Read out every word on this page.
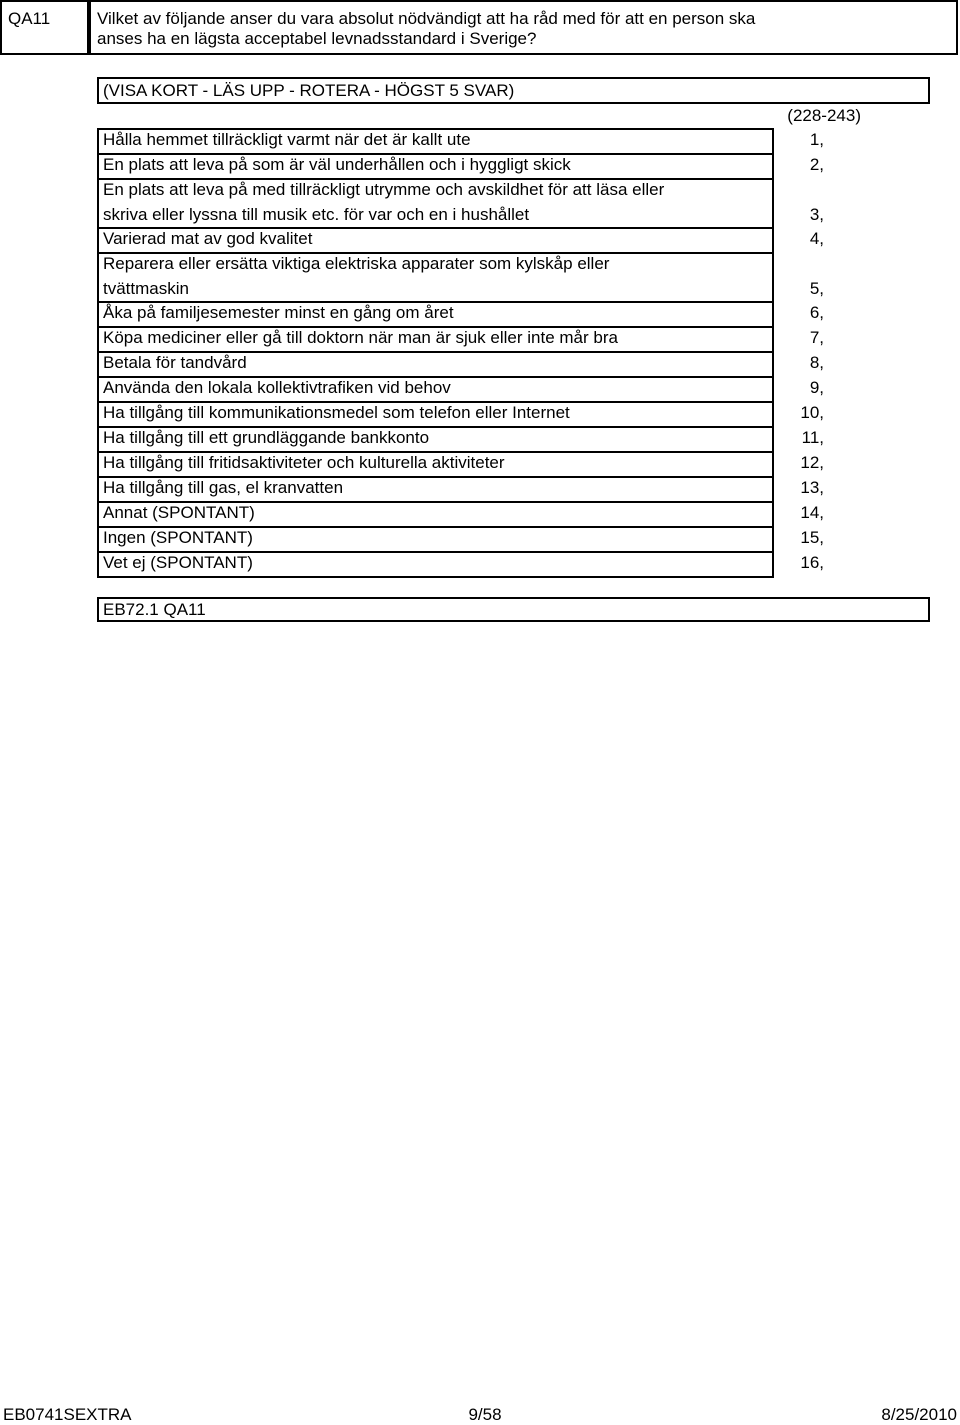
QA11	Vilket av följande anser du vara absolut nödvändigt att ha råd med för att en person ska
anses ha en lägsta acceptabel levnadsstandard i Sverige?
(VISA KORT - LÄS UPP - ROTERA - HÖGST 5 SVAR)
(228-243)
Hålla hemmet tillräckligt varmt när det är kallt ute	1,
En plats att leva på som är väl underhållen och i hyggligt skick	2,
En plats att leva på med tillräckligt utrymme och avskildhet för att läsa eller
skriva eller lyssna till musik etc. för var och en i hushållet	3,
Varierad mat av god kvalitet	4,
Reparera eller ersätta viktiga elektriska apparater som kylskåp eller
tvättmaskin	5,
Åka på familjesemester minst en gång om året	6,
Köpa mediciner eller gå till doktorn när man är sjuk eller inte mår bra	7,
Betala för tandvård	8,
Använda den lokala kollektivtrafiken vid behov	9,
Ha tillgång till kommunikationsmedel som telefon eller Internet	10,
Ha tillgång till ett grundläggande bankkonto	11,
Ha tillgång till fritidsaktiviteter och kulturella aktiviteter	12,
Ha tillgång till gas, el kranvatten	13,
Annat (SPONTANT)	14,
Ingen (SPONTANT)	15,
Vet ej (SPONTANT)	16,
EB72.1 QA11
EB0741SEXTRA	9/58	8/25/2010
